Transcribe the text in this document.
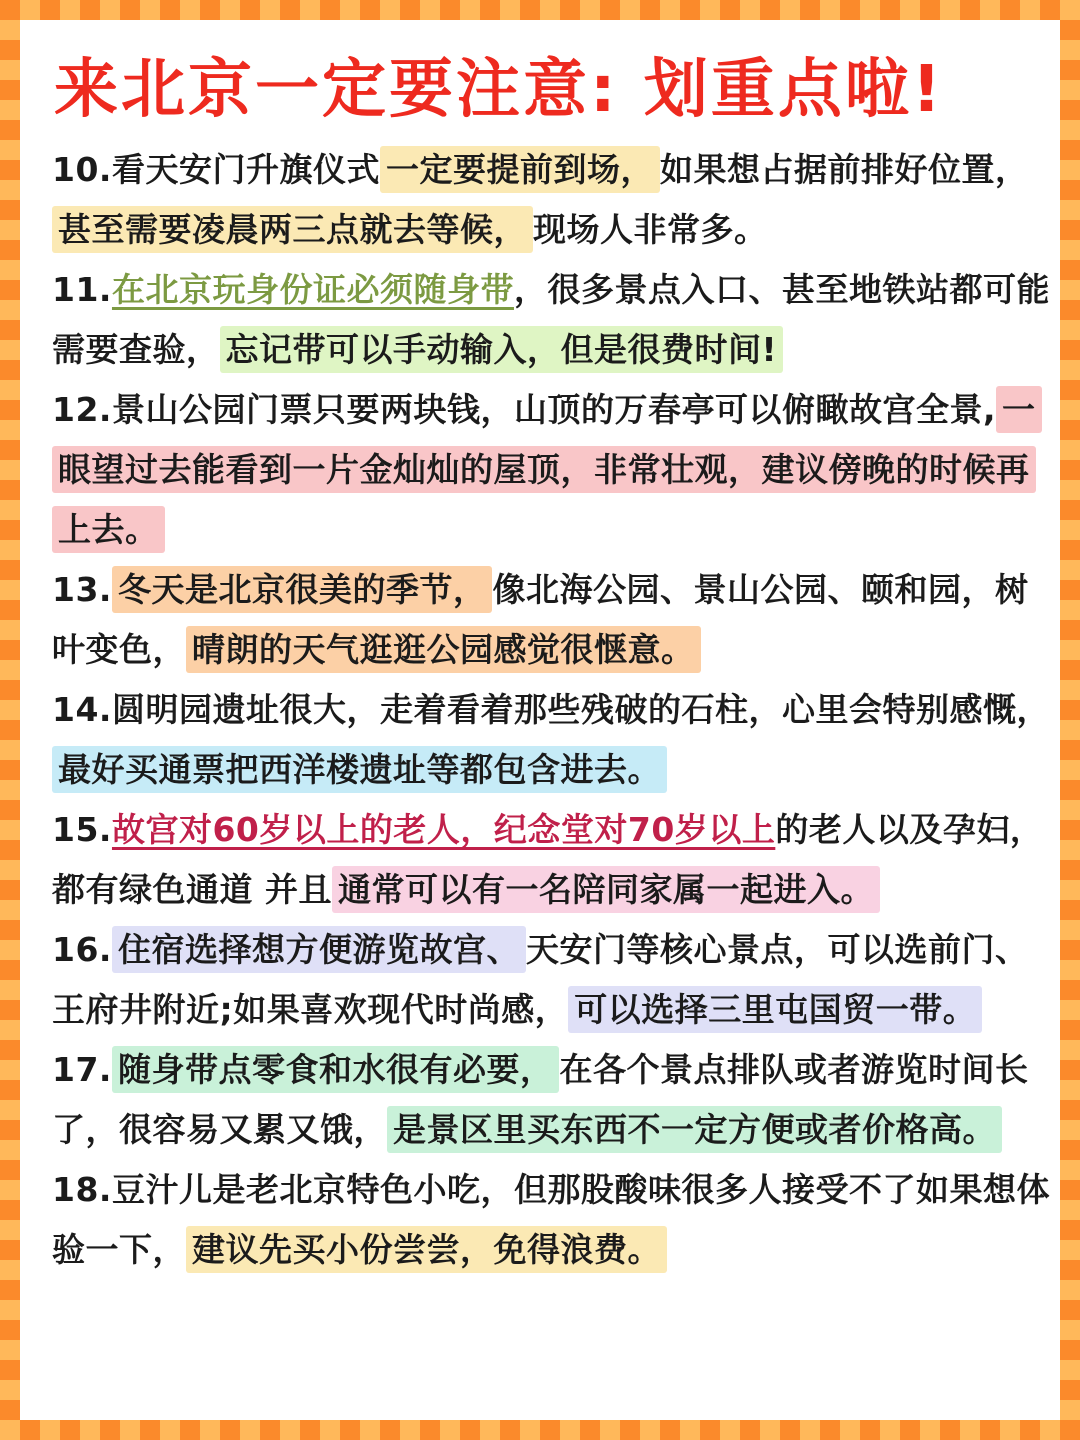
来北京一定要注意: 划重点啦!

10.看天安门升旗仪式 一定要提前到场， 如果想占据前排好位置，甚至需要凌晨两三点就去等候， 现场人非常多。

11.在北京玩身份证必须随身带，很多景点入口、甚至地铁站都可能需要查验， 忘记带可以手动输入，但是很费时间!

12.景山公园门票只要两块钱，山顶的万春亭可以俯瞰故宫全景, 一眼望过去能看到一片金灿灿的屋顶，非常壮观，建议傍晚的时候再上去。

13. 冬天是北京很美的季节， 像北海公园、景山公园、颐和园，树叶变色， 晴朗的天气逛逛公园感觉很惬意。

14.圆明园遗址很大，走着看着那些残破的石柱，心里会特别感慨，最好买通票把西洋楼遗址等都包含进去。

15.故宫对60岁以上的老人，纪念堂对70岁以上的老人以及孕妇，都有绿色通道 并且 通常可以有一名陪同家属一起进入。

16. 住宿选择想方便游览故宫、 天安门等核心景点，可以选前门、王府井附近;如果喜欢现代时尚感， 可以选择三里屯国贸一带。

17. 随身带点零食和水很有必要， 在各个景点排队或者游览时间长了，很容易又累又饿， 是景区里买东西不一定方便或者价格高。

18.豆汁儿是老北京特色小吃，但那股酸味很多人接受不了如果想体验一下， 建议先买小份尝尝，免得浪费。
